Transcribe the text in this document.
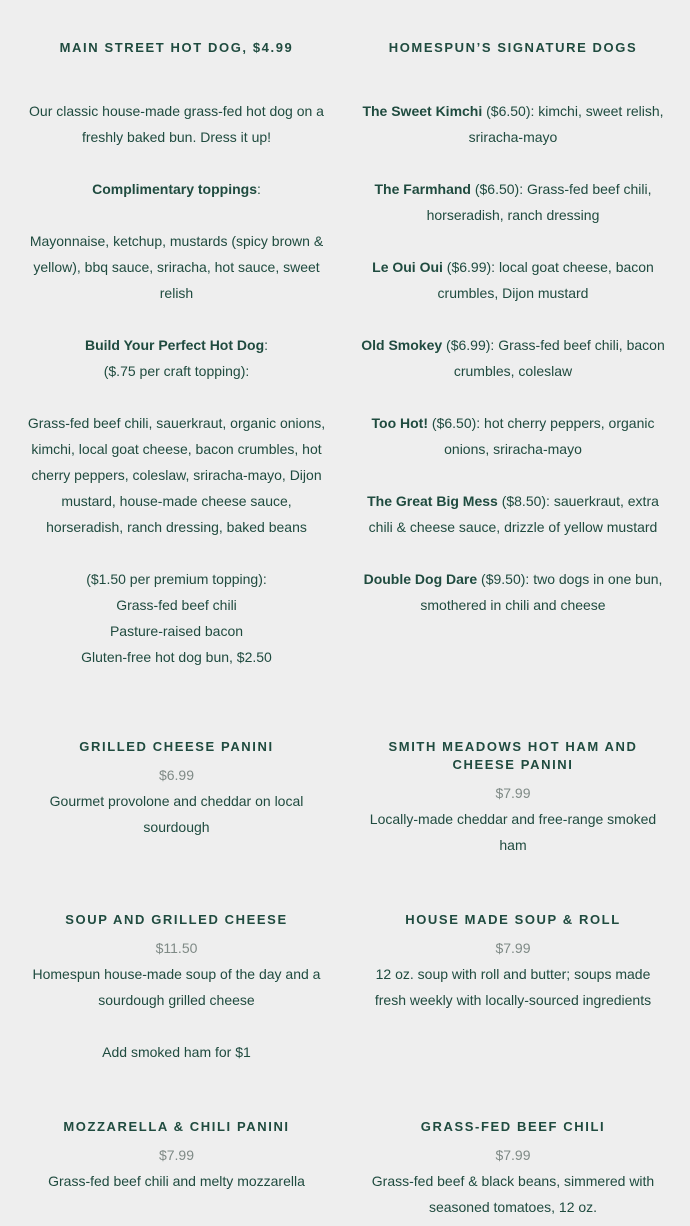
MAIN STREET HOT DOG, $4.99

Our classic house-made grass-fed hot dog on a freshly baked bun. Dress it up!

Complimentary toppings:

Mayonnaise, ketchup, mustards (spicy brown & yellow), bbq sauce, sriracha, hot sauce, sweet relish

Build Your Perfect Hot Dog:

($.75 per craft topping):

Grass-fed beef chili, sauerkraut, organic onions, kimchi, local goat cheese, bacon crumbles, hot cherry peppers, coleslaw, sriracha-mayo, Dijon mustard, house-made cheese sauce, horseradish, ranch dressing, baked beans

($1.50 per premium topping):

Grass-fed beef chili

Pasture-raised bacon

Gluten-free hot dog bun, $2.50

HOMESPUN’S SIGNATURE DOGS

The Sweet Kimchi ($6.50): kimchi, sweet relish, sriracha-mayo

The Farmhand ($6.50): Grass-fed beef chili, horseradish, ranch dressing

Le Oui Oui ($6.99): local goat cheese, bacon crumbles, Dijon mustard

Old Smokey ($6.99): Grass-fed beef chili, bacon crumbles, coleslaw

Too Hot! ($6.50): hot cherry peppers, organic onions, sriracha-mayo

The Great Big Mess ($8.50): sauerkraut, extra chili & cheese sauce, drizzle of yellow mustard

Double Dog Dare ($9.50): two dogs in one bun, smothered in chili and cheese

GRILLED CHEESE PANINI

$6.99

Gourmet provolone and cheddar on local sourdough

SMITH MEADOWS HOT HAM AND CHEESE PANINI

$7.99

Locally-made cheddar and free-range smoked ham

SOUP AND GRILLED CHEESE

$11.50

Homespun house-made soup of the day and a sourdough grilled cheese

Add smoked ham for $1

HOUSE MADE SOUP & ROLL

$7.99

12 oz. soup with roll and butter; soups made fresh weekly with locally-sourced ingredients

MOZZARELLA & CHILI PANINI

$7.99

Grass-fed beef chili and melty mozzarella

GRASS-FED BEEF CHILI

$7.99

Grass-fed beef & black beans, simmered with seasoned tomatoes, 12 oz.
